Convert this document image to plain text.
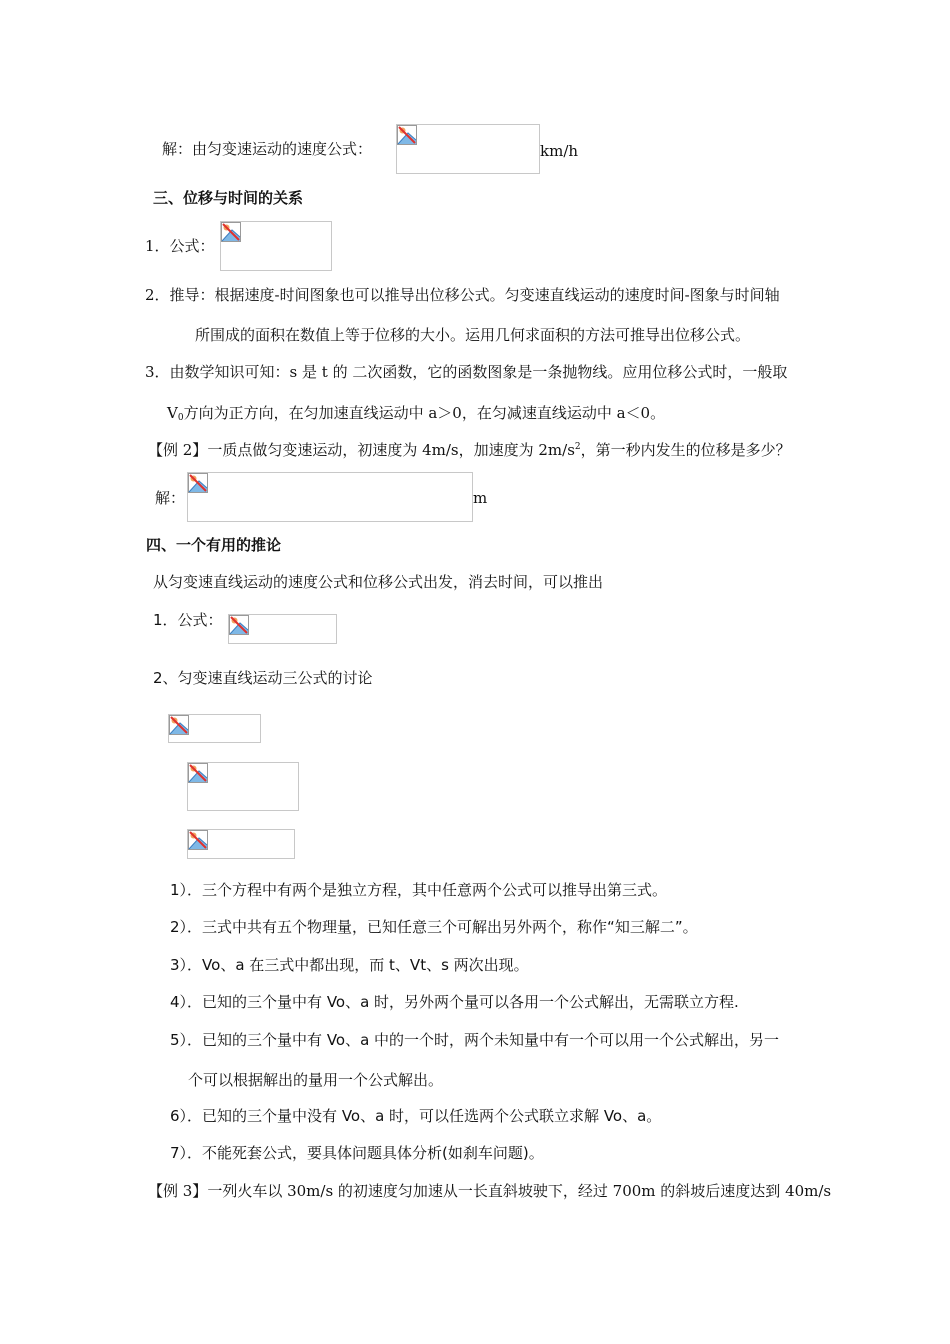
解：由匀变速运动的速度公式：	km/h
三、位移与时间的关系
1．公式：
2．推导：根据速度-时间图象也可以推导出位移公式。匀变速直线运动的速度时间-图象与时间轴
所围成的面积在数值上等于位移的大小。运用几何求面积的方法可推导出位移公式。
3．由数学知识可知：s 是 t 的 二次函数，它的函数图象是一条抛物线。应用位移公式时，一般取
$V_0$方向为正方向，在匀加速直线运动中 a＞0，在匀减速直线运动中 a＜0。
【例 2】一质点做匀变速运动，初速度为 4m/s，加速度为 $2m/s^2$，第一秒内发生的位移是多少？
解：	m
四、一个有用的推论
从匀变速直线运动的速度公式和位移公式出发，消去时间，可以推出
1．公式：
2、匀变速直线运动三公式的讨论
1）．三个方程中有两个是独立方程，其中任意两个公式可以推导出第三式。
2）．三式中共有五个物理量，已知任意三个可解出另外两个，称作“知三解二”。
3）．Vo、a 在三式中都出现，而 t、Vt、s 两次出现。
4）．已知的三个量中有 Vo、a 时，另外两个量可以各用一个公式解出，无需联立方程.
5）．已知的三个量中有 Vo、a 中的一个时，两个未知量中有一个可以用一个公式解出，另一
个可以根据解出的量用一个公式解出。
6）．已知的三个量中没有 Vo、a 时，可以任选两个公式联立求解 Vo、a。
7）．不能死套公式，要具体问题具体分析(如刹车问题)。
【例 3】一列火车以 30m/s 的初速度匀加速从一长直斜坡驶下，经过 700m 的斜坡后速度达到 40m/s
